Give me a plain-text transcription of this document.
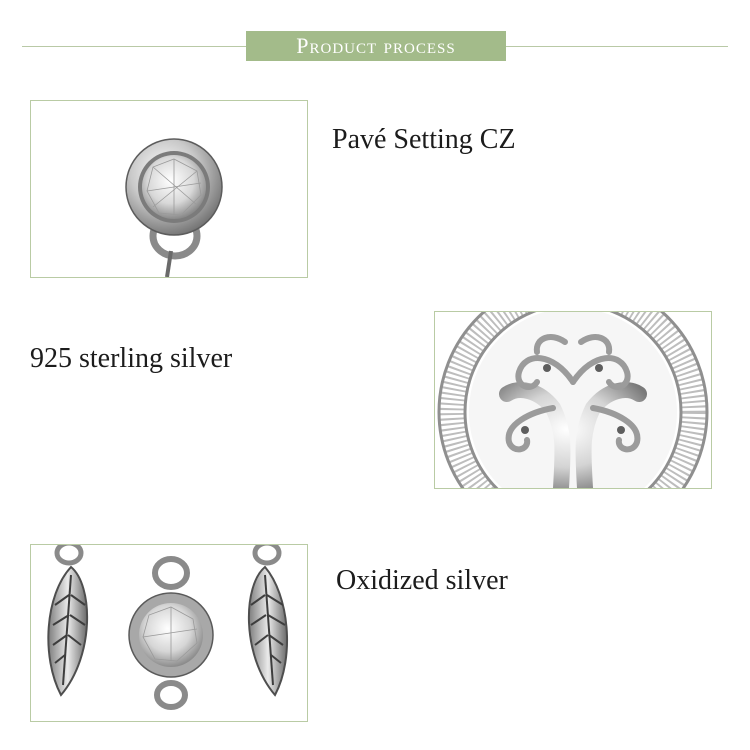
Product process
Pavé Setting CZ
925 sterling silver
Oxidized silver
